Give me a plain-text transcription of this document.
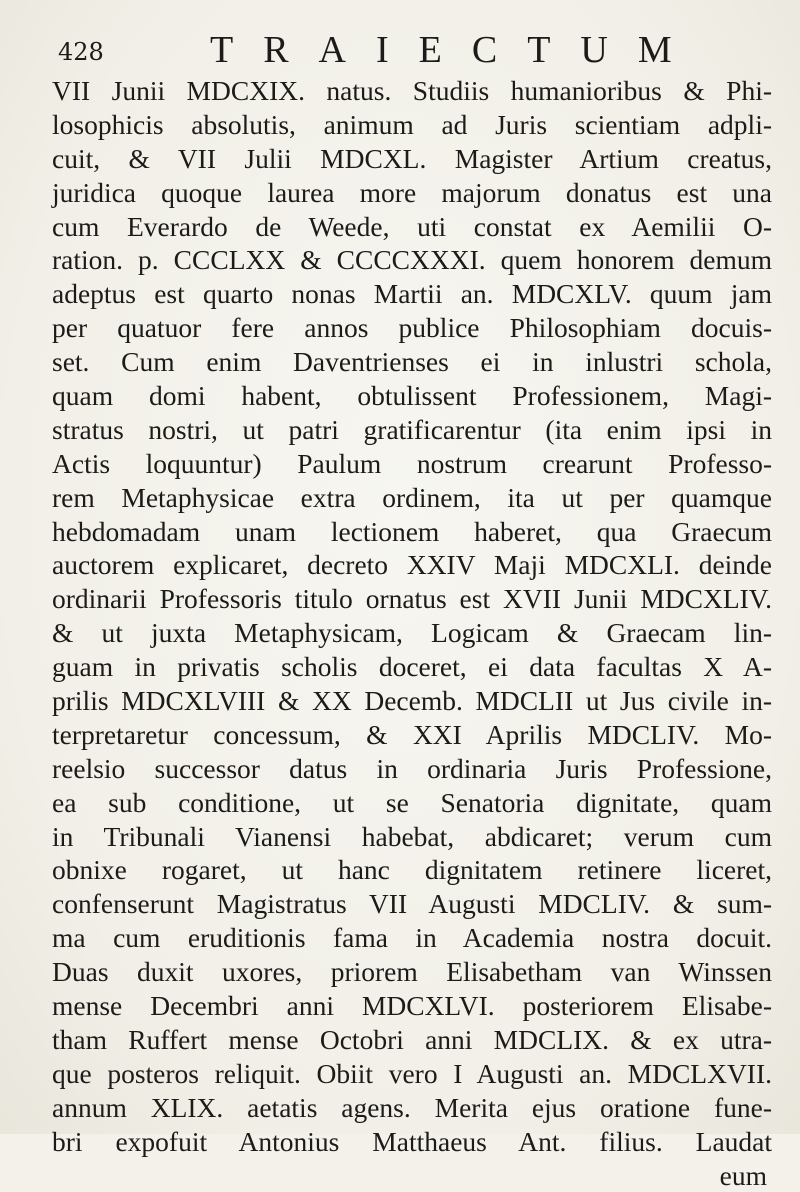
428	TRAIECTUM
VII Junii MDCXIX. natus. Studiis humanioribus & Phi-
losophicis absolutis, animum ad Juris scientiam adpli-
cuit, & VII Julii MDCXL. Magister Artium creatus,
juridica quoque laurea more majorum donatus est una
cum Everardo de Weede, uti constat ex Aemilii O-
ration. p. CCCLXX & CCCCXXXI. quem honorem demum
adeptus est quarto nonas Martii an. MDCXLV. quum jam
per quatuor fere annos publice Philosophiam docuis-
set. Cum enim Daventrienses ei in inlustri schola,
quam domi habent, obtulissent Professionem, Magi-
stratus nostri, ut patri gratificarentur (ita enim ipsi in
Actis loquuntur) Paulum nostrum crearunt Professo-
rem Metaphysicae extra ordinem, ita ut per quamque
hebdomadam unam lectionem haberet, qua Graecum
auctorem explicaret, decreto XXIV Maji MDCXLI. deinde
ordinarii Professoris titulo ornatus est XVII Junii MDCXLIV.
& ut juxta Metaphysicam, Logicam & Graecam lin-
guam in privatis scholis doceret, ei data facultas X A-
prilis MDCXLVIII & XX Decemb. MDCLII ut Jus civile in-
terpretaretur concessum, & XXI Aprilis MDCLIV. Mo-
reelsio successor datus in ordinaria Juris Professione,
ea sub conditione, ut se Senatoria dignitate, quam
in Tribunali Vianensi habebat, abdicaret; verum cum
obnixe rogaret, ut hanc dignitatem retinere liceret,
confenserunt Magistratus VII Augusti MDCLIV. & sum-
ma cum eruditionis fama in Academia nostra docuit.
Duas duxit uxores, priorem Elisabetham van Winssen
mense Decembri anni MDCXLVI. posteriorem Elisabe-
tham Ruffert mense Octobri anni MDCLIX. & ex utra-
que posteros reliquit. Obiit vero I Augusti an. MDCLXVII.
annum XLIX. aetatis agens. Merita ejus oratione fune-
bri expofuit Antonius Matthaeus Ant. filius. Laudat
eum
